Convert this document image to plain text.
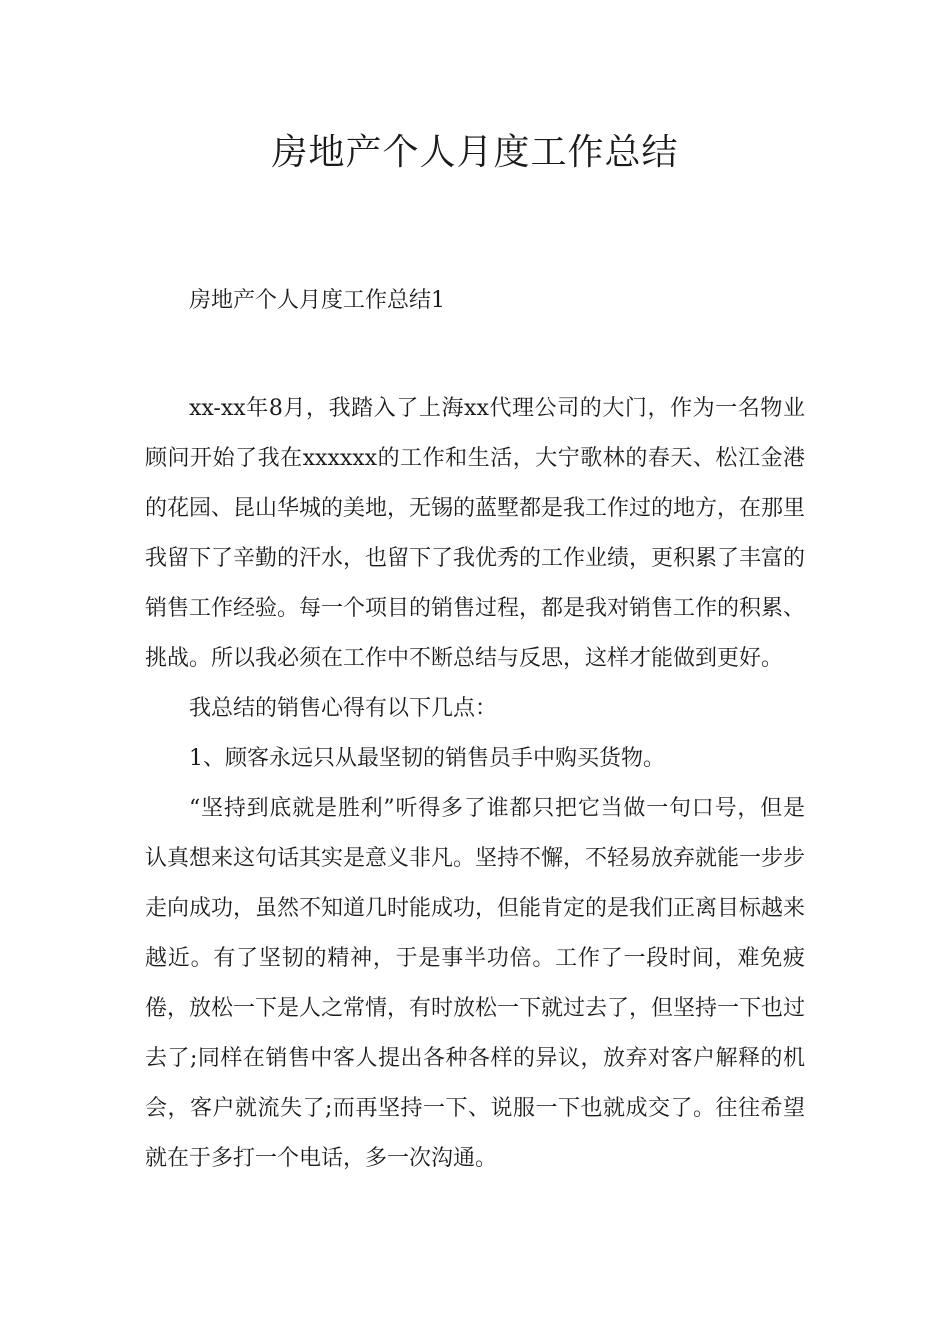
房地产个人月度工作总结

房地产个人月度工作总结1

xx-xx年8月，我踏入了上海xx代理公司的大门，作为一名物业顾问开始了我在xxxxxx的工作和生活，大宁歌林的春天、松江金港的花园、昆山华城的美地，无锡的蓝墅都是我工作过的地方，在那里我留下了辛勤的汗水，也留下了我优秀的工作业绩，更积累了丰富的销售工作经验。每一个项目的销售过程，都是我对销售工作的积累、挑战。所以我必须在工作中不断总结与反思，这样才能做到更好。

我总结的销售心得有以下几点：

1、顾客永远只从最坚韧的销售员手中购买货物。

“坚持到底就是胜利”听得多了谁都只把它当做一句口号，但是认真想来这句话其实是意义非凡。坚持不懈，不轻易放弃就能一步步走向成功，虽然不知道几时能成功，但能肯定的是我们正离目标越来越近。有了坚韧的精神，于是事半功倍。工作了一段时间，难免疲倦，放松一下是人之常情，有时放松一下就过去了，但坚持一下也过去了;同样在销售中客人提出各种各样的异议，放弃对客户解释的机会，客户就流失了;而再坚持一下、说服一下也就成交了。往往希望就在于多打一个电话，多一次沟通。
